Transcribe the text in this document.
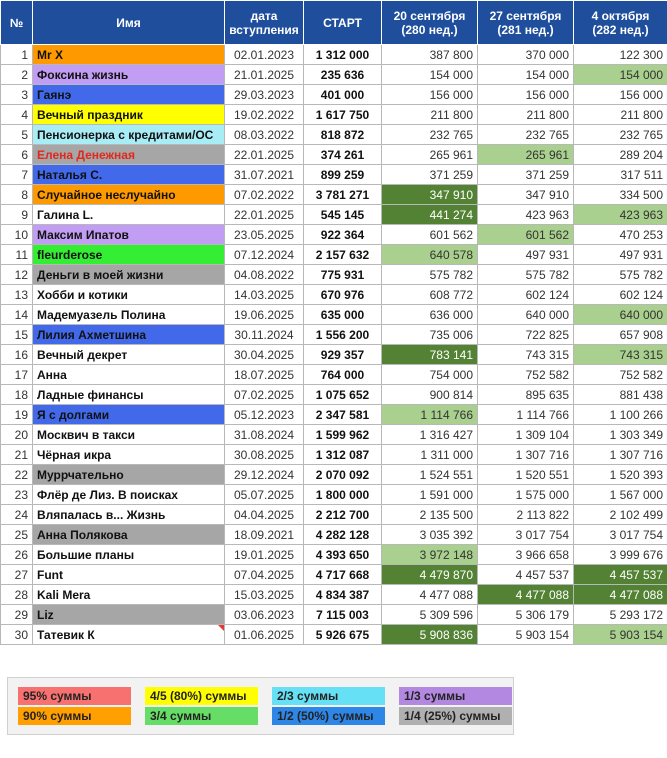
№	Имя	дата вступления	СТАРТ	20 сентября (280 нед.)	27 сентября (281 нед.)	4 октября (282 нед.)
1	Mr X	02.01.2023	1 312 000	387 800	370 000	122 300
2	Фоксина жизнь	21.01.2025	235 636	154 000	154 000	154 000
3	Гаянэ	29.03.2023	401 000	156 000	156 000	156 000
4	Вечный праздник	19.02.2022	1 617 750	211 800	211 800	211 800
5	Пенсионерка с кредитами/ОС	08.03.2022	818 872	232 765	232 765	232 765
6	Елена Денежная	22.01.2025	374 261	265 961	265 961	289 204
7	Наталья С.	31.07.2021	899 259	371 259	371 259	317 511
8	Случайное неслучайно	07.02.2022	3 781 271	347 910	347 910	334 500
9	Галина L.	22.01.2025	545 145	441 274	423 963	423 963
10	Максим Ипатов	23.05.2025	922 364	601 562	601 562	470 253
11	fleurderose	07.12.2024	2 157 632	640 578	497 931	497 931
12	Деньги в моей жизни	04.08.2022	775 931	575 782	575 782	575 782
13	Хобби и котики	14.03.2025	670 976	608 772	602 124	602 124
14	Мадемуазель Полина	19.06.2025	635 000	636 000	640 000	640 000
15	Лилия Ахметшина	30.11.2024	1 556 200	735 006	722 825	657 908
16	Вечный декрет	30.04.2025	929 357	783 141	743 315	743 315
17	Анна	18.07.2025	764 000	754 000	752 582	752 582
18	Ладные финансы	07.02.2025	1 075 652	900 814	895 635	881 438
19	Я с долгами	05.12.2023	2 347 581	1 114 766	1 114 766	1 100 266
20	Москвич в такси	31.08.2024	1 599 962	1 316 427	1 309 104	1 303 349
21	Чёрная икра	30.08.2025	1 312 087	1 311 000	1 307 716	1 307 716
22	Муррчательно	29.12.2024	2 070 092	1 524 551	1 520 551	1 520 393
23	Флёр де Лиз. В поисках	05.07.2025	1 800 000	1 591 000	1 575 000	1 567 000
24	Вляпалась в... Жизнь	04.04.2025	2 212 700	2 135 500	2 113 822	2 102 499
25	Анна Полякова	18.09.2021	4 282 128	3 035 392	3 017 754	3 017 754
26	Большие планы	19.01.2025	4 393 650	3 972 148	3 966 658	3 999 676
27	Funt	07.04.2025	4 717 668	4 479 870	4 457 537	4 457 537
28	Kali Mera	15.03.2025	4 834 387	4 477 088	4 477 088	4 477 088
29	Liz	03.06.2023	7 115 003	5 309 596	5 306 179	5 293 172
30	Татевик К	01.06.2025	5 926 675	5 908 836	5 903 154	5 903 154
95% суммы	4/5 (80%) суммы	2/3 суммы	1/3 суммы
90% суммы	3/4 суммы	1/2 (50%) суммы	1/4 (25%) суммы
